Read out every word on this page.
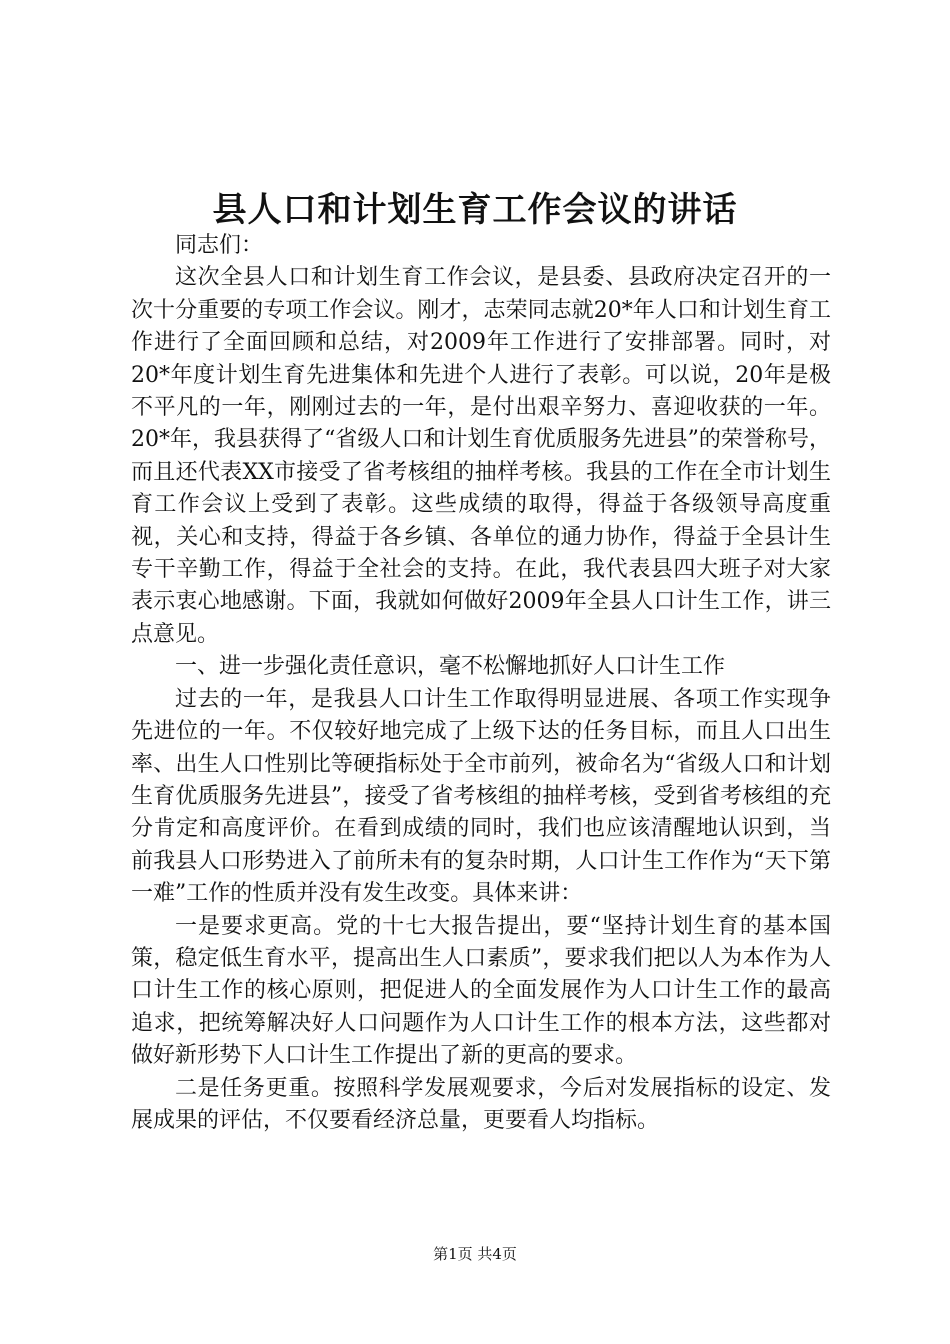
县人口和计划生育工作会议的讲话

同志们：

这次全县人口和计划生育工作会议，是县委、县政府决定召开的一次十分重要的专项工作会议。刚才，志荣同志就20*年人口和计划生育工作进行了全面回顾和总结，对2009年工作进行了安排部署。同时，对20*年度计划生育先进集体和先进个人进行了表彰。可以说，20年是极不平凡的一年，刚刚过去的一年，是付出艰辛努力、喜迎收获的一年。20*年，我县获得了“省级人口和计划生育优质服务先进县”的荣誉称号，而且还代表XX市接受了省考核组的抽样考核。我县的工作在全市计划生育工作会议上受到了表彰。这些成绩的取得，得益于各级领导高度重视，关心和支持，得益于各乡镇、各单位的通力协作，得益于全县计生专干辛勤工作，得益于全社会的支持。在此，我代表县四大班子对大家表示衷心地感谢。下面，我就如何做好2009年全县人口计生工作，讲三点意见。

一、进一步强化责任意识，毫不松懈地抓好人口计生工作

过去的一年，是我县人口计生工作取得明显进展、各项工作实现争先进位的一年。不仅较好地完成了上级下达的任务目标，而且人口出生率、出生人口性别比等硬指标处于全市前列，被命名为“省级人口和计划生育优质服务先进县”，接受了省考核组的抽样考核，受到省考核组的充分肯定和高度评价。在看到成绩的同时，我们也应该清醒地认识到，当前我县人口形势进入了前所未有的复杂时期，人口计生工作作为“天下第一难”工作的性质并没有发生改变。具体来讲：

一是要求更高。党的十七大报告提出，要“坚持计划生育的基本国策，稳定低生育水平，提高出生人口素质”，要求我们把以人为本作为人口计生工作的核心原则，把促进人的全面发展作为人口计生工作的最高追求，把统筹解决好人口问题作为人口计生工作的根本方法，这些都对做好新形势下人口计生工作提出了新的更高的要求。

二是任务更重。按照科学发展观要求，今后对发展指标的设定、发展成果的评估，不仅要看经济总量，更要看人均指标。

第1页 共4页
